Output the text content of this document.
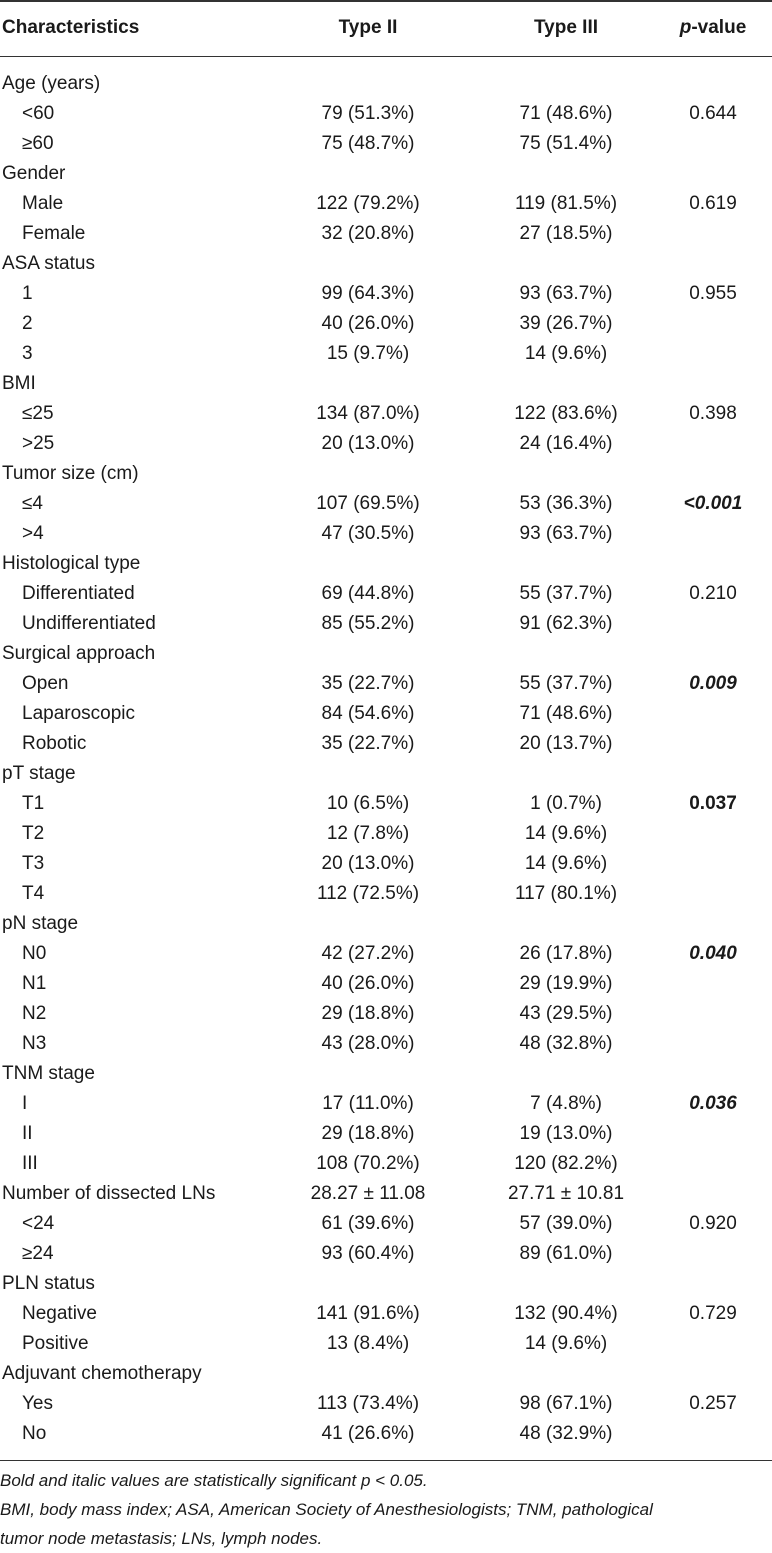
Characteristics	Type II	Type III	p-value
Age (years)
<60	79 (51.3%)	71 (48.6%)	0.644
≥60	75 (48.7%)	75 (51.4%)
Gender
Male	122 (79.2%)	119 (81.5%)	0.619
Female	32 (20.8%)	27 (18.5%)
ASA status
1	99 (64.3%)	93 (63.7%)	0.955
2	40 (26.0%)	39 (26.7%)
3	15 (9.7%)	14 (9.6%)
BMI
≤25	134 (87.0%)	122 (83.6%)	0.398
>25	20 (13.0%)	24 (16.4%)
Tumor size (cm)
≤4	107 (69.5%)	53 (36.3%)	<0.001
>4	47 (30.5%)	93 (63.7%)
Histological type
Differentiated	69 (44.8%)	55 (37.7%)	0.210
Undifferentiated	85 (55.2%)	91 (62.3%)
Surgical approach
Open	35 (22.7%)	55 (37.7%)	0.009
Laparoscopic	84 (54.6%)	71 (48.6%)
Robotic	35 (22.7%)	20 (13.7%)
pT stage
T1	10 (6.5%)	1 (0.7%)	0.037
T2	12 (7.8%)	14 (9.6%)
T3	20 (13.0%)	14 (9.6%)
T4	112 (72.5%)	117 (80.1%)
pN stage
N0	42 (27.2%)	26 (17.8%)	0.040
N1	40 (26.0%)	29 (19.9%)
N2	29 (18.8%)	43 (29.5%)
N3	43 (28.0%)	48 (32.8%)
TNM stage
I	17 (11.0%)	7 (4.8%)	0.036
II	29 (18.8%)	19 (13.0%)
III	108 (70.2%)	120 (82.2%)
Number of dissected LNs	28.27 ± 11.08	27.71 ± 10.81
<24	61 (39.6%)	57 (39.0%)	0.920
≥24	93 (60.4%)	89 (61.0%)
PLN status
Negative	141 (91.6%)	132 (90.4%)	0.729
Positive	13 (8.4%)	14 (9.6%)
Adjuvant chemotherapy
Yes	113 (73.4%)	98 (67.1%)	0.257
No	41 (26.6%)	48 (32.9%)
Bold and italic values are statistically significant p < 0.05.
BMI, body mass index; ASA, American Society of Anesthesiologists; TNM, pathological
tumor node metastasis; LNs, lymph nodes.
